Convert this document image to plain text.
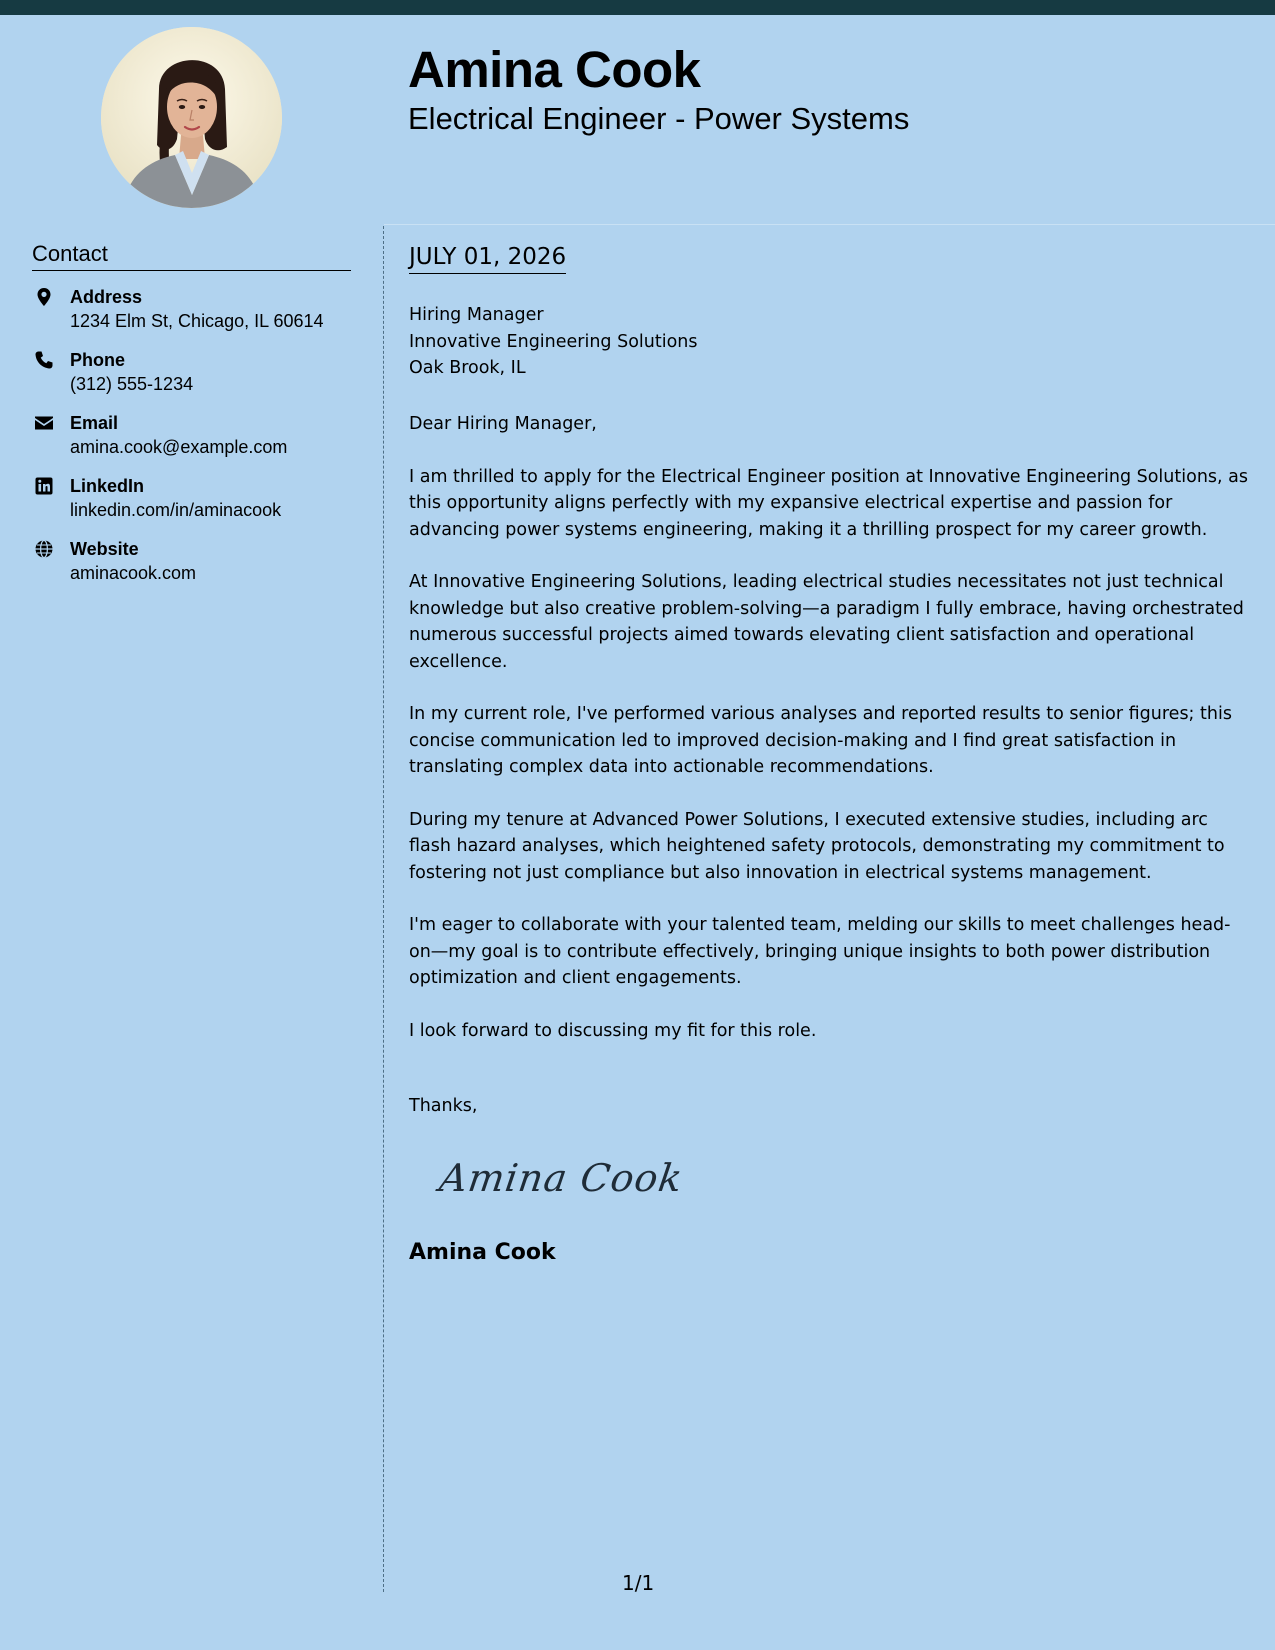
Amina Cook
Electrical Engineer - Power Systems
Contact
Address
1234 Elm St, Chicago, IL 60614
Phone
(312) 555-1234
Email
amina.cook@example.com
LinkedIn
linkedin.com/in/aminacook
Website
aminacook.com
JULY 01, 2026
Hiring Manager
Innovative Engineering Solutions
Oak Brook, IL

Dear Hiring Manager,

I am thrilled to apply for the Electrical Engineer position at Innovative Engineering Solutions, as this opportunity aligns perfectly with my expansive electrical expertise and passion for advancing power systems engineering, making it a thrilling prospect for my career growth.

At Innovative Engineering Solutions, leading electrical studies necessitates not just technical knowledge but also creative problem-solving—a paradigm I fully embrace, having orchestrated numerous successful projects aimed towards elevating client satisfaction and operational excellence.

In my current role, I've performed various analyses and reported results to senior figures; this concise communication led to improved decision-making and I find great satisfaction in translating complex data into actionable recommendations.

During my tenure at Advanced Power Solutions, I executed extensive studies, including arc flash hazard analyses, which heightened safety protocols, demonstrating my commitment to fostering not just compliance but also innovation in electrical systems management.

I'm eager to collaborate with your talented team, melding our skills to meet challenges head-on—my goal is to contribute effectively, bringing unique insights to both power distribution optimization and client engagements.

I look forward to discussing my fit for this role.

Thanks,
Amina Cook
Amina Cook
1/1
